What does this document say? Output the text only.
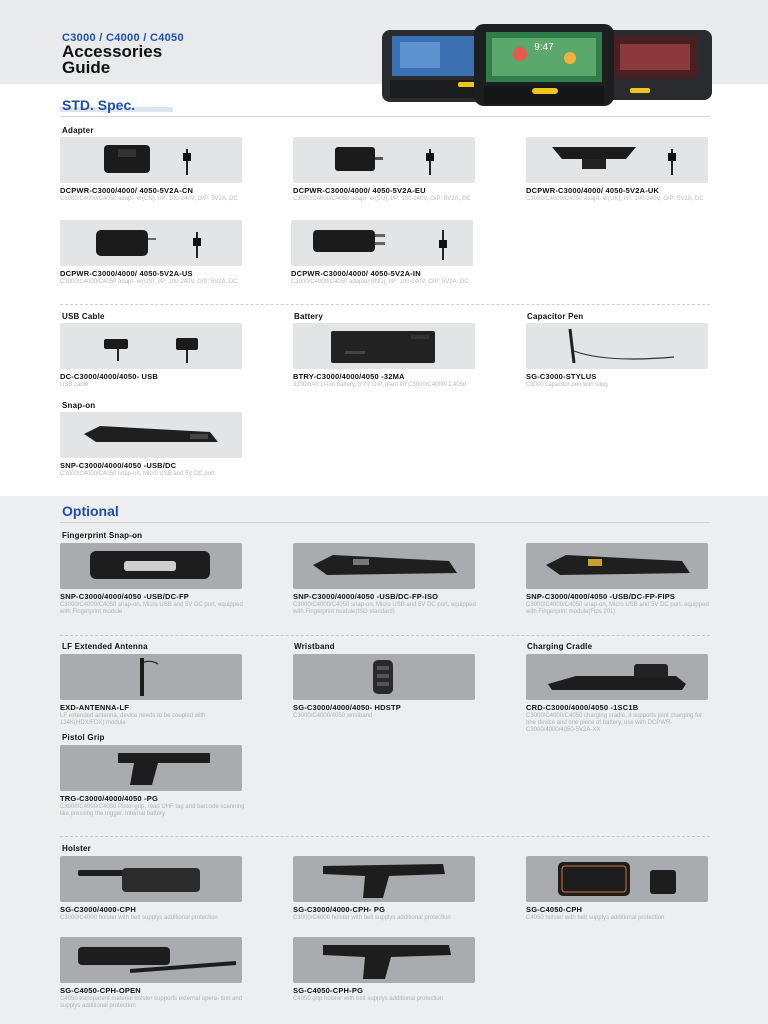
C3000 / C4000 / C4050
Accessories
Guide
9:47
STD. Spec.
Adapter
DCPWR-C3000/4000/ 4050-5V2A-CN
C3000/C4000/C4050 adapt- er(CN), I/P: 100-240V, O/P: 5V2A, DC
DCPWR-C3000/4000/ 4050-5V2A-EU
C3000/C4000/C4050 adapt- er(EU), I/P: 100-240V, O/P: 5V2A, DC
DCPWR-C3000/4000/ 4050-5V2A-UK
C3000/C4000/C4050 adapt- er(UK), I/P: 100-240V, O/P: 5V2A, DC
DCPWR-C3000/4000/ 4050-5V2A-US
C3000/C4000/C4050 adapt- er(US), I/P: 100-240V, O/P: 5V2A, DC
DCPWR-C3000/4000/ 4050-5V2A-IN
C3000/C4000/C4050 adapter (IND), I/P: 100-240V, O/P: 5V2A, DC
USB Cable	Battery	Capacitor Pen
DC-C3000/4000/4050- USB
USB cable
BTRY-C3000/4000/4050 -32MA
3200mAh Li-ion battery, 3.7V O/P, used for C3000/C4000/ C4050
SG-C3000-STYLUS
C3000 capacitor pen with sling
Snap-on
SNP-C3000/4000/4050 -USB/DC
C3000/C4000/C4050 snap-on, Micro USB and 5V DC port
Optional
Fingerprint Snap-on
SNP-C3000/4000/4050 -USB/DC-FP
C3000/C4000/C4050 snap-on, Micro USB and 5V DC port, equipped with Fingerprint module
SNP-C3000/4000/4050 -USB/DC-FP-ISO
C3000/C4000/C4050 snap-on, Micro USB and 5V DC port, equipped with Fingerprint module(ISO standard)
SNP-C3000/4000/4050 -USB/DC-FP-FIPS
C3000/C4000/C4050 snap-on, Micro USB and 5V DC port, equipped with Fingerprint module(Fips 201)
LF Extended Antenna	Wristband	Charging Cradle
EXD-ANTENNA-LF
LF extended antenna, device needs to be coupled with 134K(HDX/FDX) module
SG-C3000/4000/4050- HDSTP
C3000/C4000/4050 wristband
CRD-C3000/4000/4050 -1SC1B
C3000/C4000/C4050 charging cradle, it supports joint charging for one device and one piece of battery, use with DCPWR- C3000/4000/4050-5V2A-XX
Pistol Grip
TRG-C3000/4000/4050 -PG
C3000/C4000/C4050 Pistol grip, read UHF tag and barcode scanning like pressing the trigger. Internal battery
Holster
SG-C3000/4000-CPH
C3000/C4000 holster with belt supplys additional protection
SG-C3000/4000-CPH- PG
C3000/C4000 holster with belt supplys additional protection
SG-C4050-CPH
C4050 holster with belt supplys additional protection
SG-C4050-CPH-OPEN
C4050 transparent material holster supports external opera- tion and supplys additional protection
SG-C4050-CPH-PG
C4050 grip holster with belt supplys additional protection
